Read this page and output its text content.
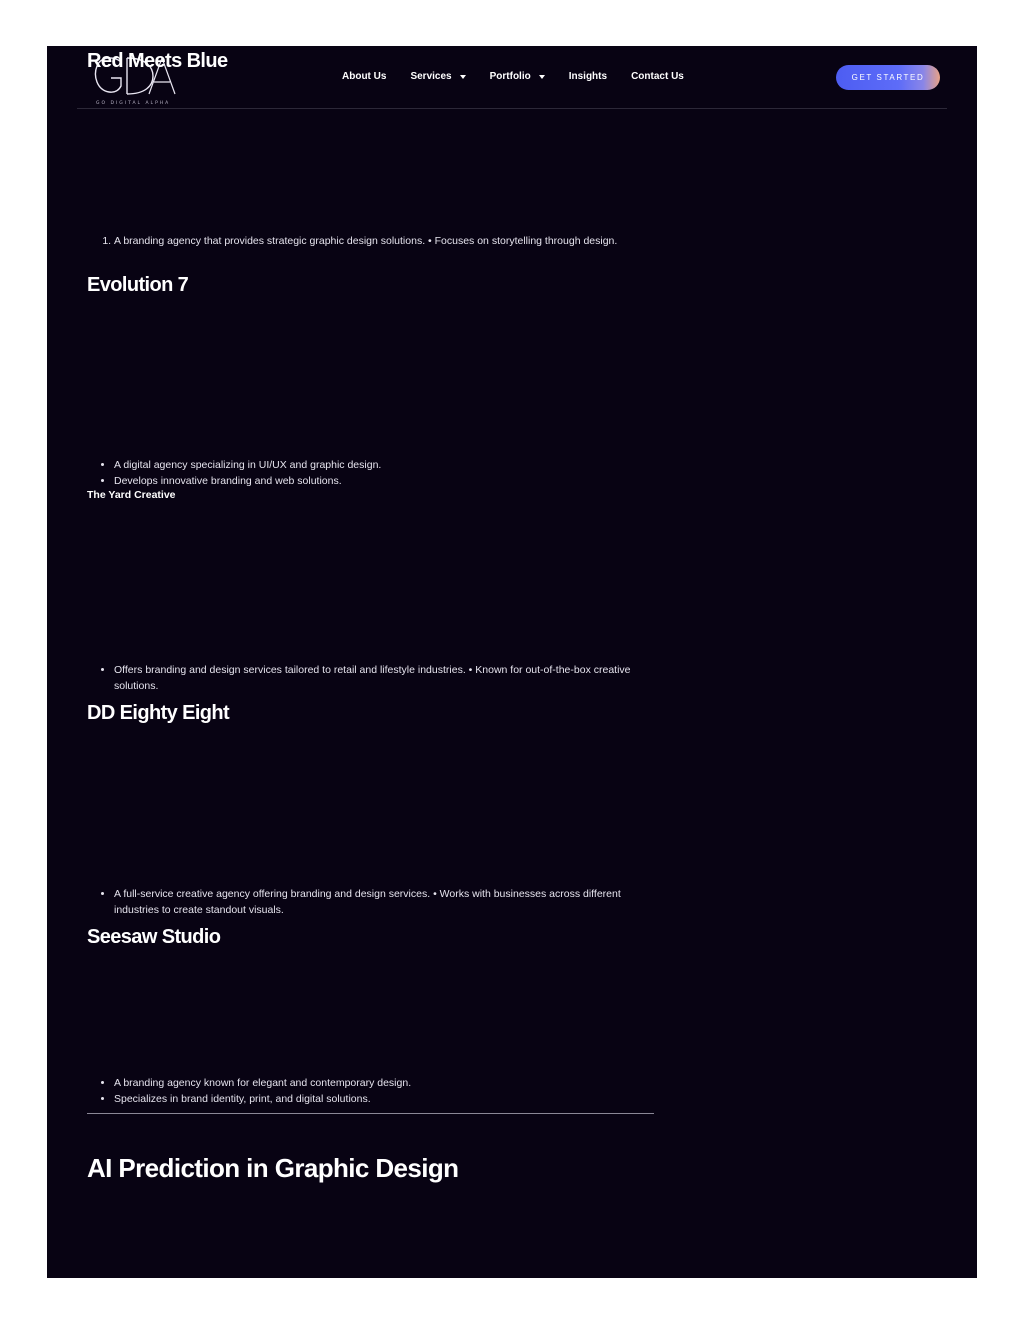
GO DIGITAL ALPHA
About Us Services	Portfolio	Insights Contact Us	GET STARTED
Red Meets Blue
1. A branding agency that provides strategic graphic design solutions. • Focuses on storytelling through design.
Evolution 7
• A digital agency specializing in UI/UX and graphic design.
• Develops innovative branding and web solutions.
The Yard Creative
• Offers branding and design services tailored to retail and lifestyle industries. • Known for out-of-the-box creative solutions.
DD Eighty Eight
• A full-service creative agency offering branding and design services. • Works with businesses across different industries to create standout visuals.
Seesaw Studio
• A branding agency known for elegant and contemporary design.
• Specializes in brand identity, print, and digital solutions.
AI Prediction in Graphic Design
